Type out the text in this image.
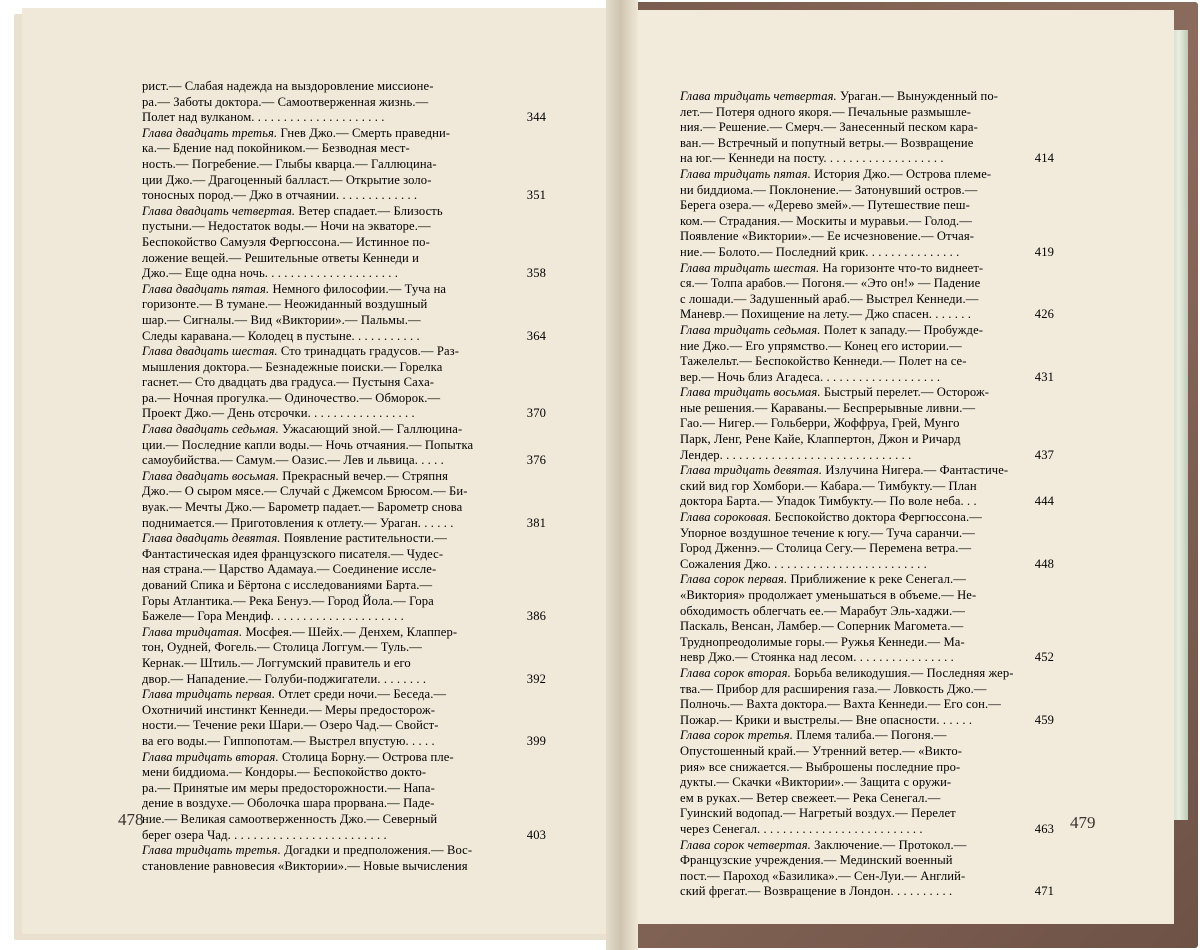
рист.— Слабая надежда на выздоровление миссионе-
ра.— Заботы доктора.— Самоотверженная жизнь.—
Полет над вулканом. . . . . . . . . . . . . . . . . . . . .	344
Глава двадцать третья. Гнев Джо.— Смерть праведни-
ка.— Бдение над покойником.— Безводная мест-
ность.— Погребение.— Глыбы кварца.— Галлюцина-
ции Джо.— Драгоценный балласт.— Открытие золо-
тоносных пород.— Джо в отчаянии. . . . . . . . . . . . .	351
Глава двадцать четвертая. Ветер спадает.— Близость
пустыни.— Недостаток воды.— Ночи на экваторе.—
Беспокойство Самуэля Фергюссона.— Истинное по-
ложение вещей.— Решительные ответы Кеннеди и
Джо.— Еще одна ночь. . . . . . . . . . . . . . . . . . . . .	358
Глава двадцать пятая. Немного философии.— Туча на
горизонте.— В тумане.— Неожиданный воздушный
шар.— Сигналы.— Вид «Виктории».— Пальмы.—
Следы каравана.— Колодец в пустыне. . . . . . . . . . .	364
Глава двадцать шестая. Сто тринадцать градусов.— Раз-
мышления доктора.— Безнадежные поиски.— Горелка
гаснет.— Сто двадцать два градуса.— Пустыня Саха-
ра.— Ночная прогулка.— Одиночество.— Обморок.—
Проект Джо.— День отсрочки. . . . . . . . . . . . . . . . .	370
Глава двадцать седьмая. Ужасающий зной.— Галлюцина-
ции.— Последние капли воды.— Ночь отчаяния.— Попытка
самоубийства.— Самум.— Оазис.— Лев и львица. . . . .	376
Глава двадцать восьмая. Прекрасный вечер.— Стряпня
Джо.— О сыром мясе.— Случай с Джемсом Брюсом.— Би-
вуак.— Мечты Джо.— Барометр падает.— Барометр снова
поднимается.— Приготовления к отлету.— Ураган. . . . . .	381
Глава двадцать девятая. Появление растительности.—
Фантастическая идея французского писателя.— Чудес-
ная страна.— Царство Адамауа.— Соединение иссле-
дований Спика и Бёртона с исследованиями Барта.—
Горы Атлантика.— Река Бенуэ.— Город Йола.— Гора
Бажеле— Гора Мендиф. . . . . . . . . . . . . . . . . . . . .	386
Глава тридцатая. Мосфея.— Шейх.— Денхем, Клаппер-
тон, Оудней, Фогель.— Столица Логгум.— Туль.—
Кернак.— Штиль.— Логгумский правитель и его
двор.— Нападение.— Голуби-поджигатели. . . . . . . .	392
Глава тридцать первая. Отлет среди ночи.— Беседа.—
Охотничий инстинкт Кеннеди.— Меры предосторож-
ности.— Течение реки Шари.— Озеро Чад.— Свойст-
ва его воды.— Гиппопотам.— Выстрел впустую. . . . .	399
Глава тридцать вторая. Столица Борну.— Острова пле-
мени биддиома.— Кондоры.— Беспокойство докто-
ра.— Принятые им меры предосторожности.— Напа-
дение в воздухе.— Оболочка шара прорвана.— Паде-
ние.— Великая самоотверженность Джо.— Северный
берег озера Чад. . . . . . . . . . . . . . . . . . . . . . . . .	403
Глава тридцать третья. Догадки и предположения.— Вос-
становление равновесия «Виктории».— Новые вычисления
Глава тридцать четвертая. Ураган.— Вынужденный по-
лет.— Потеря одного якоря.— Печальные размышле-
ния.— Решение.— Смерч.— Занесенный песком кара-
ван.— Встречный и попутный ветры.— Возвращение
на юг.— Кеннеди на посту. . . . . . . . . . . . . . . . . . .	414
Глава тридцать пятая. История Джо.— Острова племе-
ни биддиома.— Поклонение.— Затонувший остров.—
Берега озера.— «Дерево змей».— Путешествие пеш-
ком.— Страдания.— Москиты и муравьи.— Голод.—
Появление «Виктории».— Ее исчезновение.— Отчая-
ние.— Болото.— Последний крик. . . . . . . . . . . . . . .	419
Глава тридцать шестая. На горизонте что-то виднеет-
ся.— Толпа арабов.— Погоня.— «Это он!» — Падение
с лошади.— Задушенный араб.— Выстрел Кеннеди.—
Маневр.— Похищение на лету.— Джо спасен. . . . . . .	426
Глава тридцать седьмая. Полет к западу.— Пробужде-
ние Джо.— Его упрямство.— Конец его истории.—
Тажелельт.— Беспокойство Кеннеди.— Полет на се-
вер.— Ночь близ Агадеса. . . . . . . . . . . . . . . . . . .	431
Глава тридцать восьмая. Быстрый перелет.— Осторож-
ные решения.— Караваны.— Беспрерывные ливни.—
Гао.— Нигер.— Гольберри, Жоффруа, Грей, Мунго
Парк, Ленг, Рене Кайе, Клаппертон, Джон и Ричард
Лендер. . . . . . . . . . . . . . . . . . . . . . . . . . . . . .	437
Глава тридцать девятая. Излучина Нигера.— Фантастиче-
ский вид гор Хомбори.— Кабара.— Тимбукту.— План
доктора Барта.— Упадок Тимбукту.— По воле неба. . .	444
Глава сороковая. Беспокойство доктора Фергюссона.—
Упорное воздушное течение к югу.— Туча саранчи.—
Город Дженнэ.— Столица Сегу.— Перемена ветра.—
Сожаления Джо. . . . . . . . . . . . . . . . . . . . . . . . .	448
Глава сорок первая. Приближение к реке Сенегал.—
«Виктория» продолжает уменьшаться в объеме.— Не-
обходимость облегчать ее.— Марабут Эль-хаджи.—
Паскаль, Венсан, Ламбер.— Соперник Магомета.—
Труднопреодолимые горы.— Ружья Кеннеди.— Ма-
невр Джо.— Стоянка над лесом. . . . . . . . . . . . . . . .	452
Глава сорок вторая. Борьба великодушия.— Последняя жер-
тва.— Прибор для расширения газа.— Ловкость Джо.—
Полночь.— Вахта доктора.— Вахта Кеннеди.— Его сон.—
Пожар.— Крики и выстрелы.— Вне опасности. . . . . .	459
Глава сорок третья. Племя талиба.— Погоня.—
Опустошенный край.— Утренний ветер.— «Викто-
рия» все снижается.— Выброшены последние про-
дукты.— Скачки «Виктории».— Защита с оружи-
ем в руках.— Ветер свежеет.— Река Сенегал.—
Гуинский водопад.— Нагретый воздух.— Перелет
через Сенегал. . . . . . . . . . . . . . . . . . . . . . . . . .	463
Глава сорок четвертая. Заключение.— Протокол.—
Французские учреждения.— Мединский военный
пост.— Пароход «Базилика».— Сен-Луи.— Англий-
ский фрегат.— Возвращение в Лондон. . . . . . . . . .	471
478	479
